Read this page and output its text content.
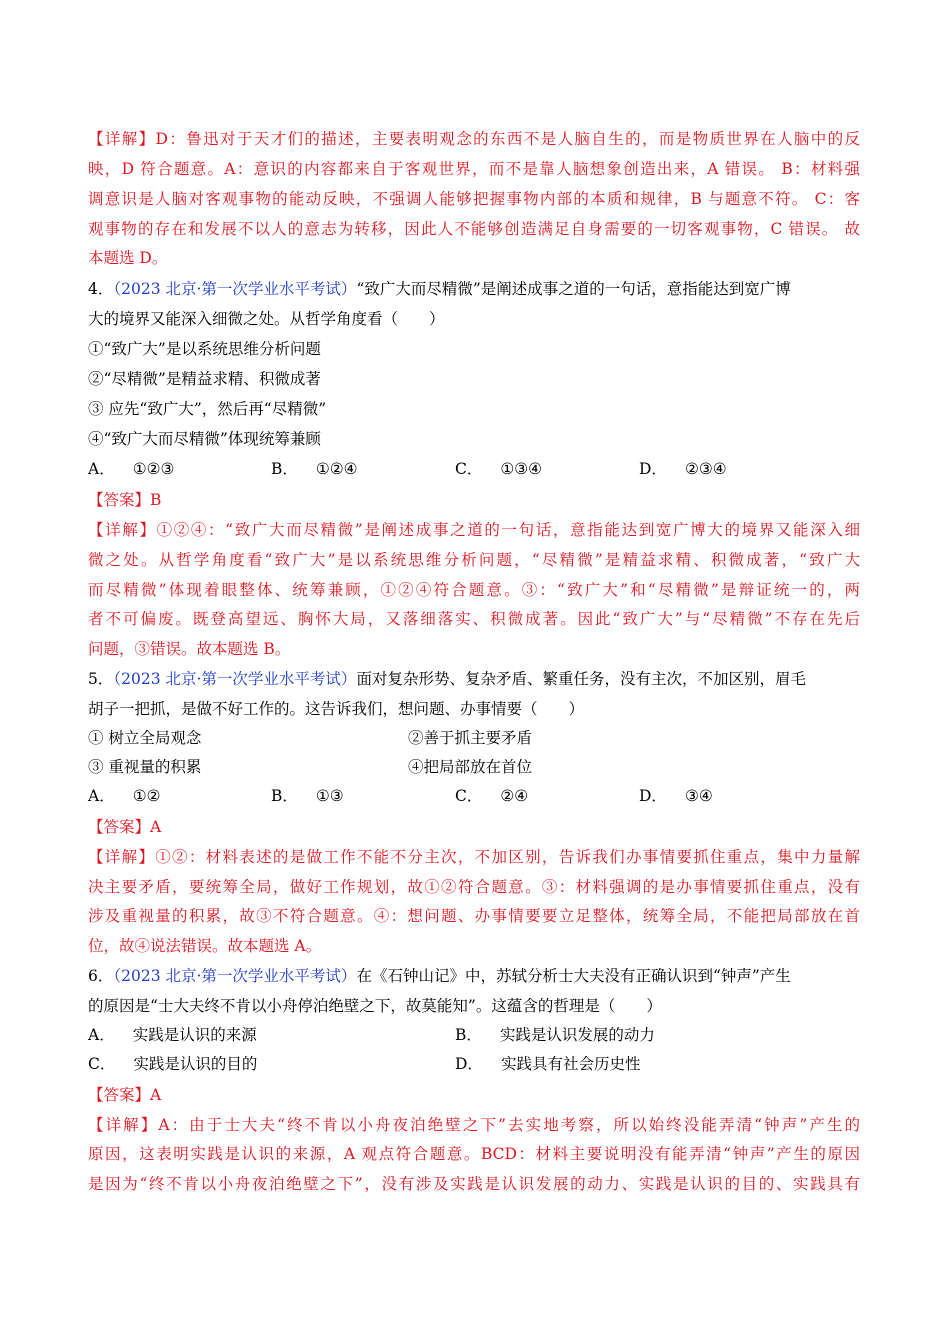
【详解】D：鲁迅对于天才们的描述，主要表明观念的东西不是人脑自生的，而是物质世界在人脑中的反
映，D 符合题意。A：意识的内容都来自于客观世界，而不是靠人脑想象创造出来，A 错误。 B：材料强
调意识是人脑对客观事物的能动反映，不强调人能够把握事物内部的本质和规律，B 与题意不符。 C：客
观事物的存在和发展不以人的意志为转移，因此人不能够创造满足自身需要的一切客观事物，C 错误。 故
本题选 D。
4．（2023 北京·第一次学业水平考试）“致广大而尽精微”是阐述成事之道的一句话，意指能达到宽广博
大的境界又能深入细微之处。从哲学角度看（　　）
①“致广大”是以系统思维分析问题
②“尽精微”是精益求精、积微成著
③ 应先“致广大”，然后再“尽精微”
④“致广大而尽精微”体现统筹兼顾
A． ①②③	B． ①②④	C． ①③④	D． ②③④
【答案】B
【详解】①②④：“致广大而尽精微”是阐述成事之道的一句话，意指能达到宽广博大的境界又能深入细
微之处。从哲学角度看“致广大”是以系统思维分析问题，“尽精微”是精益求精、积微成著，“致广大
而尽精微”体现着眼整体、统筹兼顾，①②④符合题意。③：“致广大”和“尽精微”是辩证统一的，两
者不可偏废。既登高望远、胸怀大局，又落细落实、积微成著。因此“致广大”与“尽精微”不存在先后
问题，③错误。故本题选 B。
5．（2023 北京·第一次学业水平考试）面对复杂形势、复杂矛盾、繁重任务，没有主次，不加区别，眉毛
胡子一把抓，是做不好工作的。这告诉我们，想问题、办事情要（　　）
① 树立全局观念	②善于抓主要矛盾
③ 重视量的积累	④把局部放在首位
A． ①②	B． ①③	C． ②④	D． ③④
【答案】A
【详解】①②：材料表述的是做工作不能不分主次，不加区别，告诉我们办事情要抓住重点，集中力量解
决主要矛盾，要统筹全局，做好工作规划，故①②符合题意。③：材料强调的是办事情要抓住重点，没有
涉及重视量的积累，故③不符合题意。④：想问题、办事情要要立足整体，统筹全局，不能把局部放在首
位，故④说法错误。故本题选 A。
6．（2023 北京·第一次学业水平考试）在《石钟山记》中，苏轼分析士大夫没有正确认识到“钟声”产生
的原因是“士大夫终不肯以小舟停泊绝壁之下，故莫能知”。这蕴含的哲理是（　　）
A． 实践是认识的来源	B． 实践是认识发展的动力
C． 实践是认识的目的	D． 实践具有社会历史性
【答案】A
【详解】A：由于士大夫“终不肯以小舟夜泊绝壁之下”去实地考察，所以始终没能弄清“钟声”产生的
原因，这表明实践是认识的来源，A 观点符合题意。BCD：材料主要说明没有能弄清“钟声”产生的原因
是因为“终不肯以小舟夜泊绝壁之下”，没有涉及实践是认识发展的动力、实践是认识的目的、实践具有
